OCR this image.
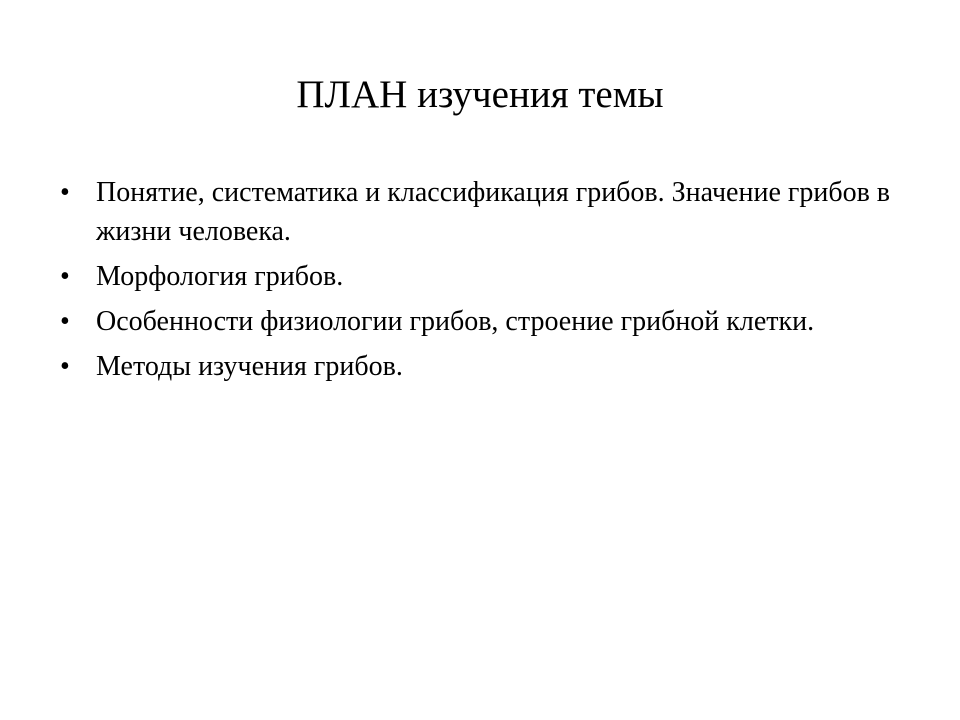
ПЛАН изучения темы
• Понятие, систематика и классификация грибов. Значение грибов в жизни человека.
• Морфология грибов.
• Особенности физиологии грибов, строение грибной клетки.
• Методы изучения грибов.
